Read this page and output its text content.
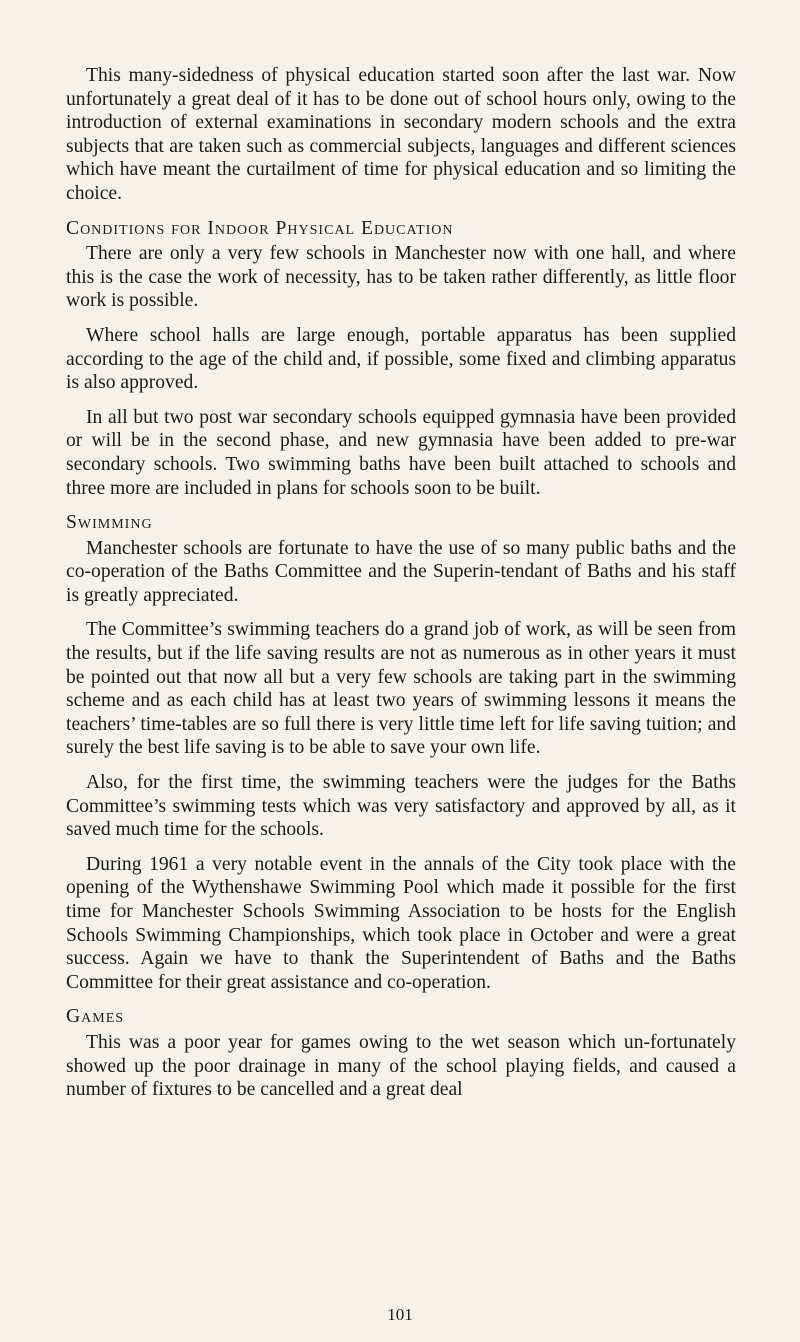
This many-sidedness of physical education started soon after the last war. Now unfortunately a great deal of it has to be done out of school hours only, owing to the introduction of external examinations in secondary modern schools and the extra subjects that are taken such as commercial subjects, languages and different sciences which have meant the curtailment of time for physical education and so limiting the choice.

Conditions for Indoor Physical Education

There are only a very few schools in Manchester now with one hall, and where this is the case the work of necessity, has to be taken rather differently, as little floor work is possible.

Where school halls are large enough, portable apparatus has been supplied according to the age of the child and, if possible, some fixed and climbing apparatus is also approved.

In all but two post war secondary schools equipped gymnasia have been provided or will be in the second phase, and new gymnasia have been added to pre-war secondary schools. Two swimming baths have been built attached to schools and three more are included in plans for schools soon to be built.

Swimming

Manchester schools are fortunate to have the use of so many public baths and the co-operation of the Baths Committee and the Superin-tendant of Baths and his staff is greatly appreciated.

The Committee’s swimming teachers do a grand job of work, as will be seen from the results, but if the life saving results are not as numerous as in other years it must be pointed out that now all but a very few schools are taking part in the swimming scheme and as each child has at least two years of swimming lessons it means the teachers’ time-tables are so full there is very little time left for life saving tuition; and surely the best life saving is to be able to save your own life.

Also, for the first time, the swimming teachers were the judges for the Baths Committee’s swimming tests which was very satisfactory and approved by all, as it saved much time for the schools.

During 1961 a very notable event in the annals of the City took place with the opening of the Wythenshawe Swimming Pool which made it possible for the first time for Manchester Schools Swimming Association to be hosts for the English Schools Swimming Championships, which took place in October and were a great success. Again we have to thank the Superintendent of Baths and the Baths Committee for their great assistance and co-operation.

Games

This was a poor year for games owing to the wet season which un-fortunately showed up the poor drainage in many of the school playing fields, and caused a number of fixtures to be cancelled and a great deal

101
